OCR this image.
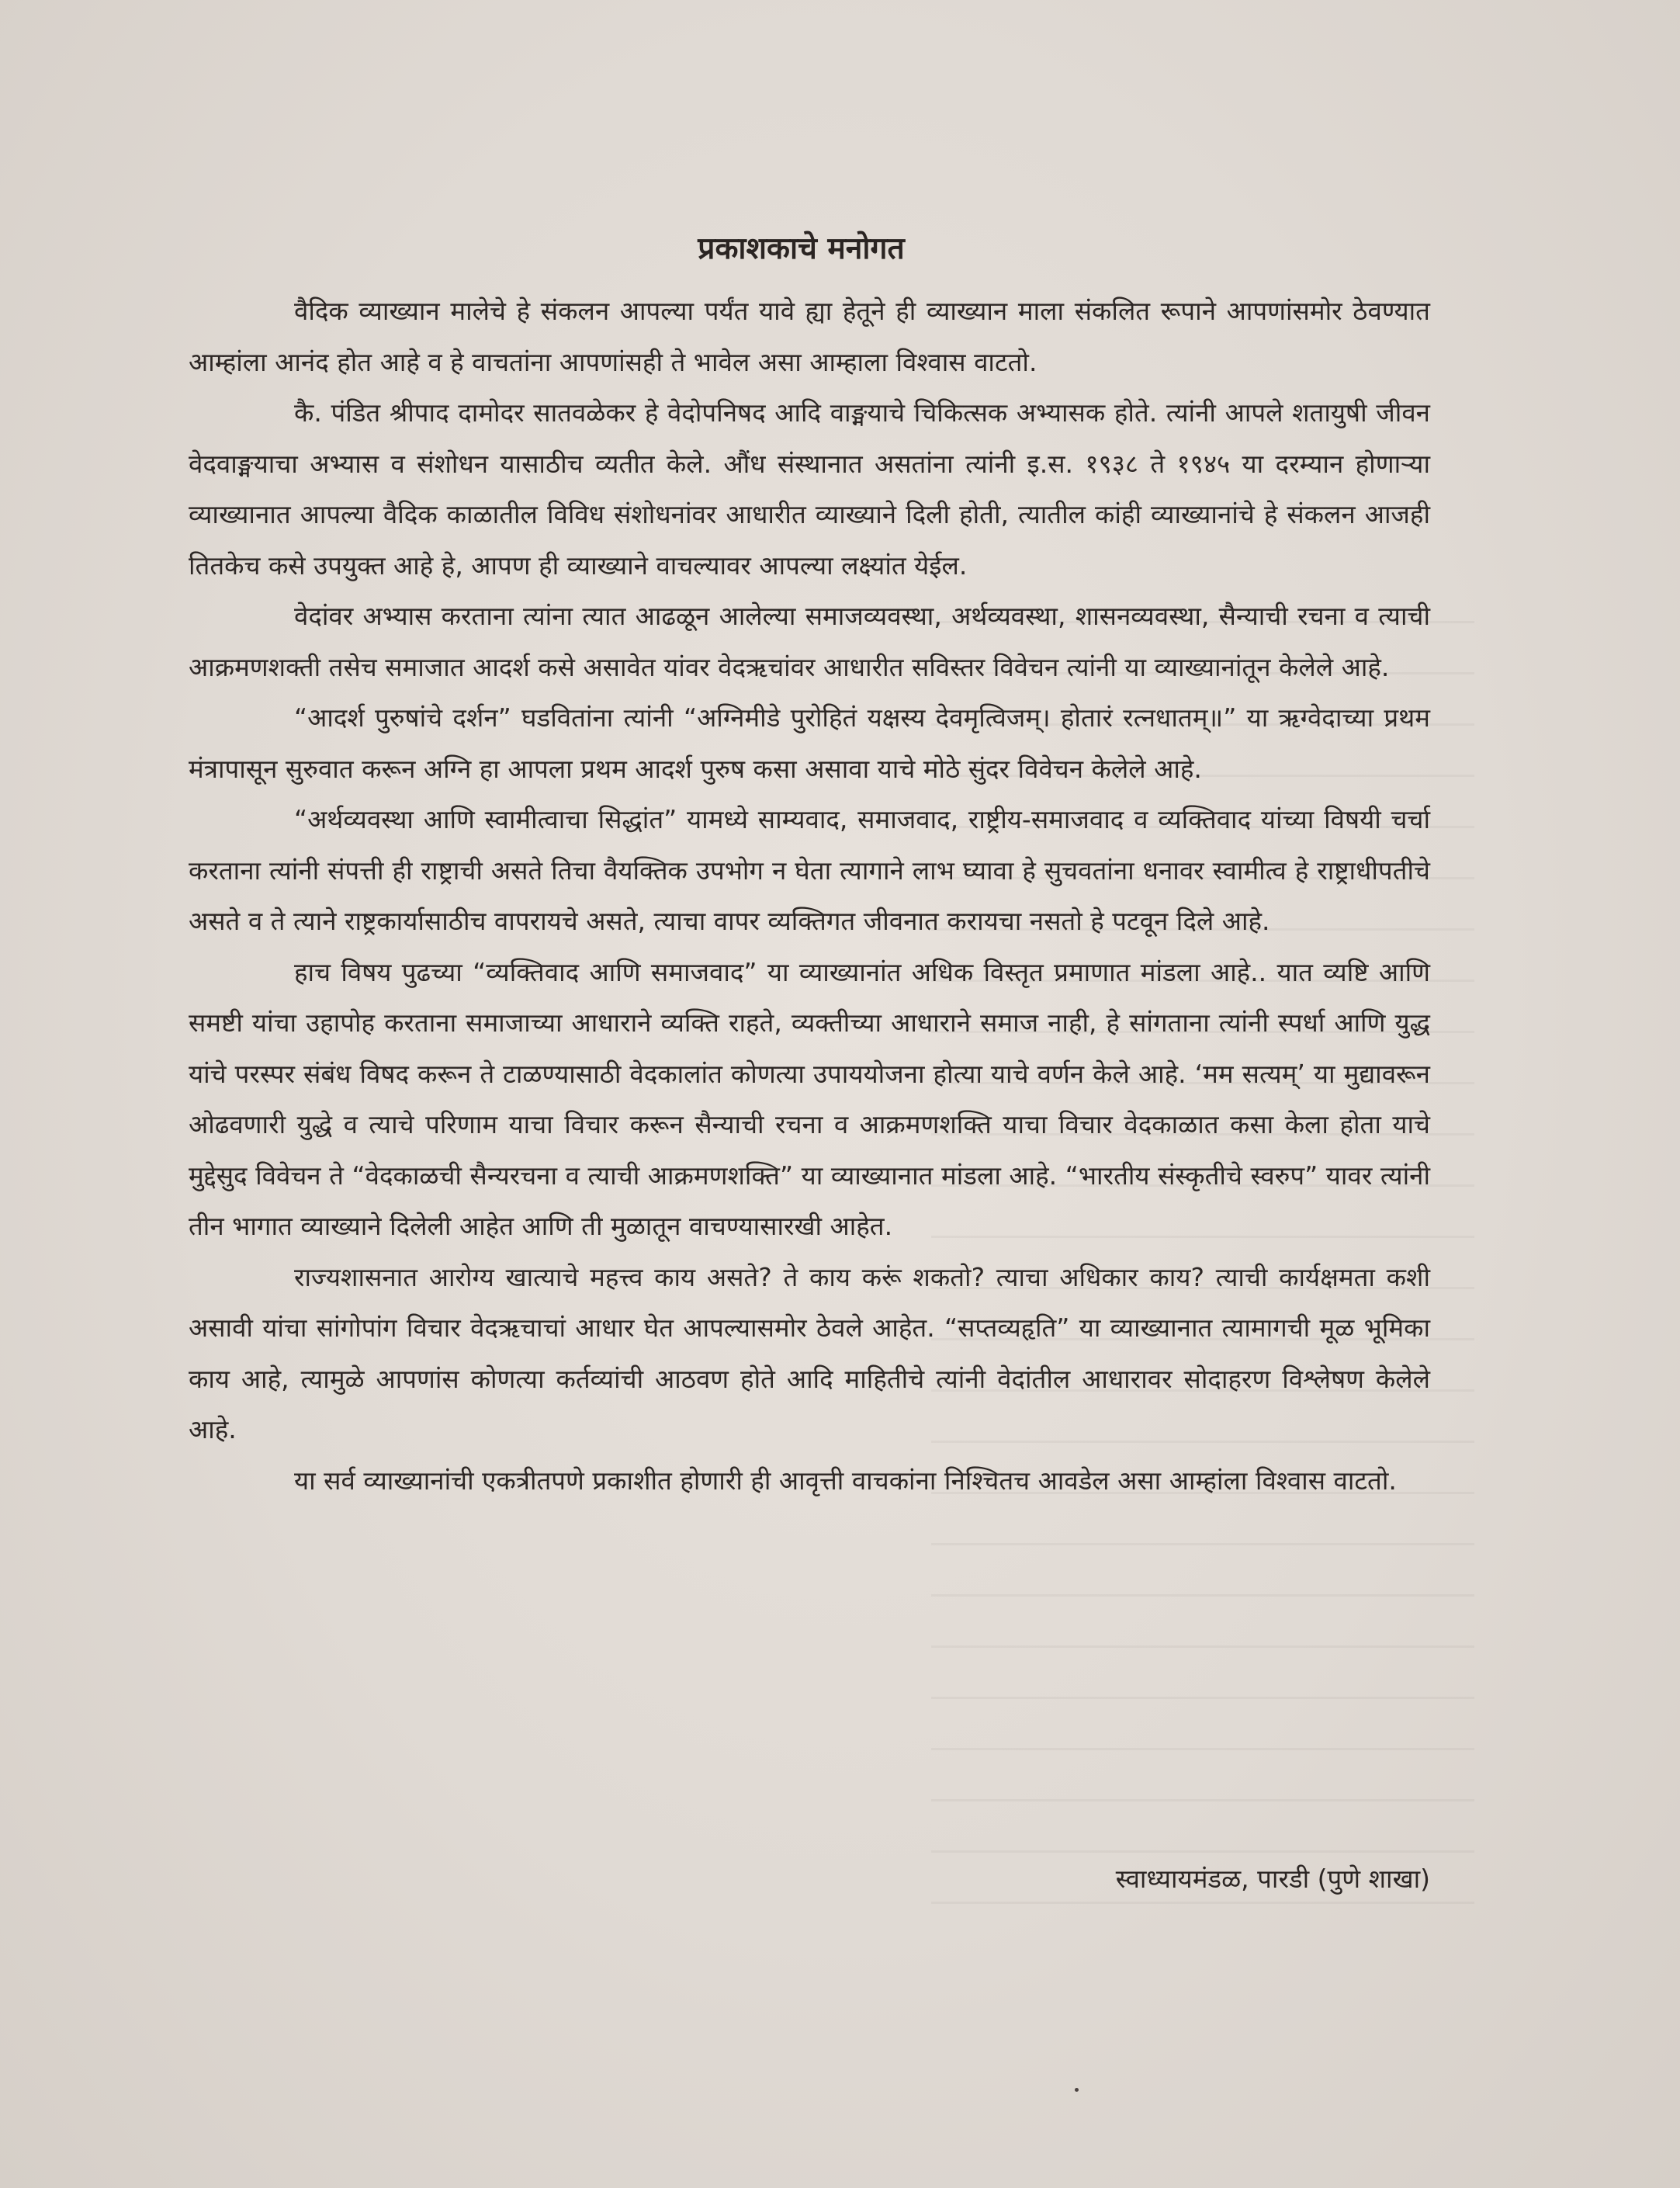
प्रकाशकाचे मनोगत

वैदिक व्याख्यान मालेचे हे संकलन आपल्या पर्यंत यावे ह्या हेतूने ही व्याख्यान माला संकलित रूपाने आपणांसमोर ठेवण्यात आम्हांला आनंद होत आहे व हे वाचतांना आपणांसही ते भावेल असा आम्हाला विश्वास वाटतो.

कै. पंडित श्रीपाद दामोदर सातवळेकर हे वेदोपनिषद आदि वाङ्मयाचे चिकित्सक अभ्यासक होते. त्यांनी आपले शतायुषी जीवन वेदवाङ्मयाचा अभ्यास व संशोधन यासाठीच व्यतीत केले. औंध संस्थानात असतांना त्यांनी इ.स. १९३८ ते १९४५ या दरम्यान होणाऱ्या व्याख्यानात आपल्या वैदिक काळातील विविध संशोधनांवर आधारीत व्याख्याने दिली होती, त्यातील कांही व्याख्यानांचे हे संकलन आजही तितकेच कसे उपयुक्त आहे हे, आपण ही व्याख्याने वाचल्यावर आपल्या लक्ष्यांत येईल.

वेदांवर अभ्यास करताना त्यांना त्यात आढळून आलेल्या समाजव्यवस्था, अर्थव्यवस्था, शासनव्यवस्था, सैन्याची रचना व त्याची आक्रमणशक्ती तसेच समाजात आदर्श कसे असावेत यांवर वेदऋचांवर आधारीत सविस्तर विवेचन त्यांनी या व्याख्यानांतून केलेले आहे.

“आदर्श पुरुषांचे दर्शन” घडवितांना त्यांनी “अग्निमीडे पुरोहितं यक्षस्य देवमृत्विजम्। होतारं रत्नधातम्॥” या ऋग्वेदाच्या प्रथम मंत्रापासून सुरुवात करून अग्नि हा आपला प्रथम आदर्श पुरुष कसा असावा याचे मोठे सुंदर विवेचन केलेले आहे.

“अर्थव्यवस्था आणि स्वामीत्वाचा सिद्धांत” यामध्ये साम्यवाद, समाजवाद, राष्ट्रीय-समाजवाद व व्यक्तिवाद यांच्या विषयी चर्चा करताना त्यांनी संपत्ती ही राष्ट्राची असते तिचा वैयक्तिक उपभोग न घेता त्यागाने लाभ घ्यावा हे सुचवतांना धनावर स्वामीत्व हे राष्ट्राधीपतीचे असते व ते त्याने राष्ट्रकार्यासाठीच वापरायचे असते, त्याचा वापर व्यक्तिगत जीवनात करायचा नसतो हे पटवून दिले आहे.

हाच विषय पुढच्या “व्यक्तिवाद आणि समाजवाद” या व्याख्यानांत अधिक विस्तृत प्रमाणात मांडला आहे.. यात व्यष्टि आणि समष्टी यांचा उहापोह करताना समाजाच्या आधाराने व्यक्ति राहते, व्यक्तीच्या आधाराने समाज नाही, हे सांगताना त्यांनी स्पर्धा आणि युद्ध यांचे परस्पर संबंध विषद करून ते टाळण्यासाठी वेदकालांत कोणत्या उपाययोजना होत्या याचे वर्णन केले आहे. ‘मम सत्यम्’ या मुद्यावरून ओढवणारी युद्धे व त्याचे परिणाम याचा विचार करून सैन्याची रचना व आक्रमणशक्ति याचा विचार वेदकाळात कसा केला होता याचे मुद्देसुद विवेचन ते “वेदकाळची सैन्यरचना व त्याची आक्रमणशक्ति” या व्याख्यानात मांडला आहे. “भारतीय संस्कृतीचे स्वरुप” यावर त्यांनी तीन भागात व्याख्याने दिलेली आहेत आणि ती मुळातून वाचण्यासारखी आहेत.

राज्यशासनात आरोग्य खात्याचे महत्त्व काय असते? ते काय करूं शकतो? त्याचा अधिकार काय? त्याची कार्यक्षमता कशी असावी यांचा सांगोपांग विचार वेदऋचाचां आधार घेत आपल्यासमोर ठेवले आहेत. “सप्तव्यहृति” या व्याख्यानात त्यामागची मूळ भूमिका काय आहे, त्यामुळे आपणांस कोणत्या कर्तव्यांची आठवण होते आदि माहितीचे त्यांनी वेदांतील आधारावर सोदाहरण विश्लेषण केलेले आहे.

या सर्व व्याख्यानांची एकत्रीतपणे प्रकाशीत होणारी ही आवृत्ती वाचकांना निश्चितच आवडेल असा आम्हांला विश्वास वाटतो.

स्वाध्यायमंडळ, पारडी (पुणे शाखा)
